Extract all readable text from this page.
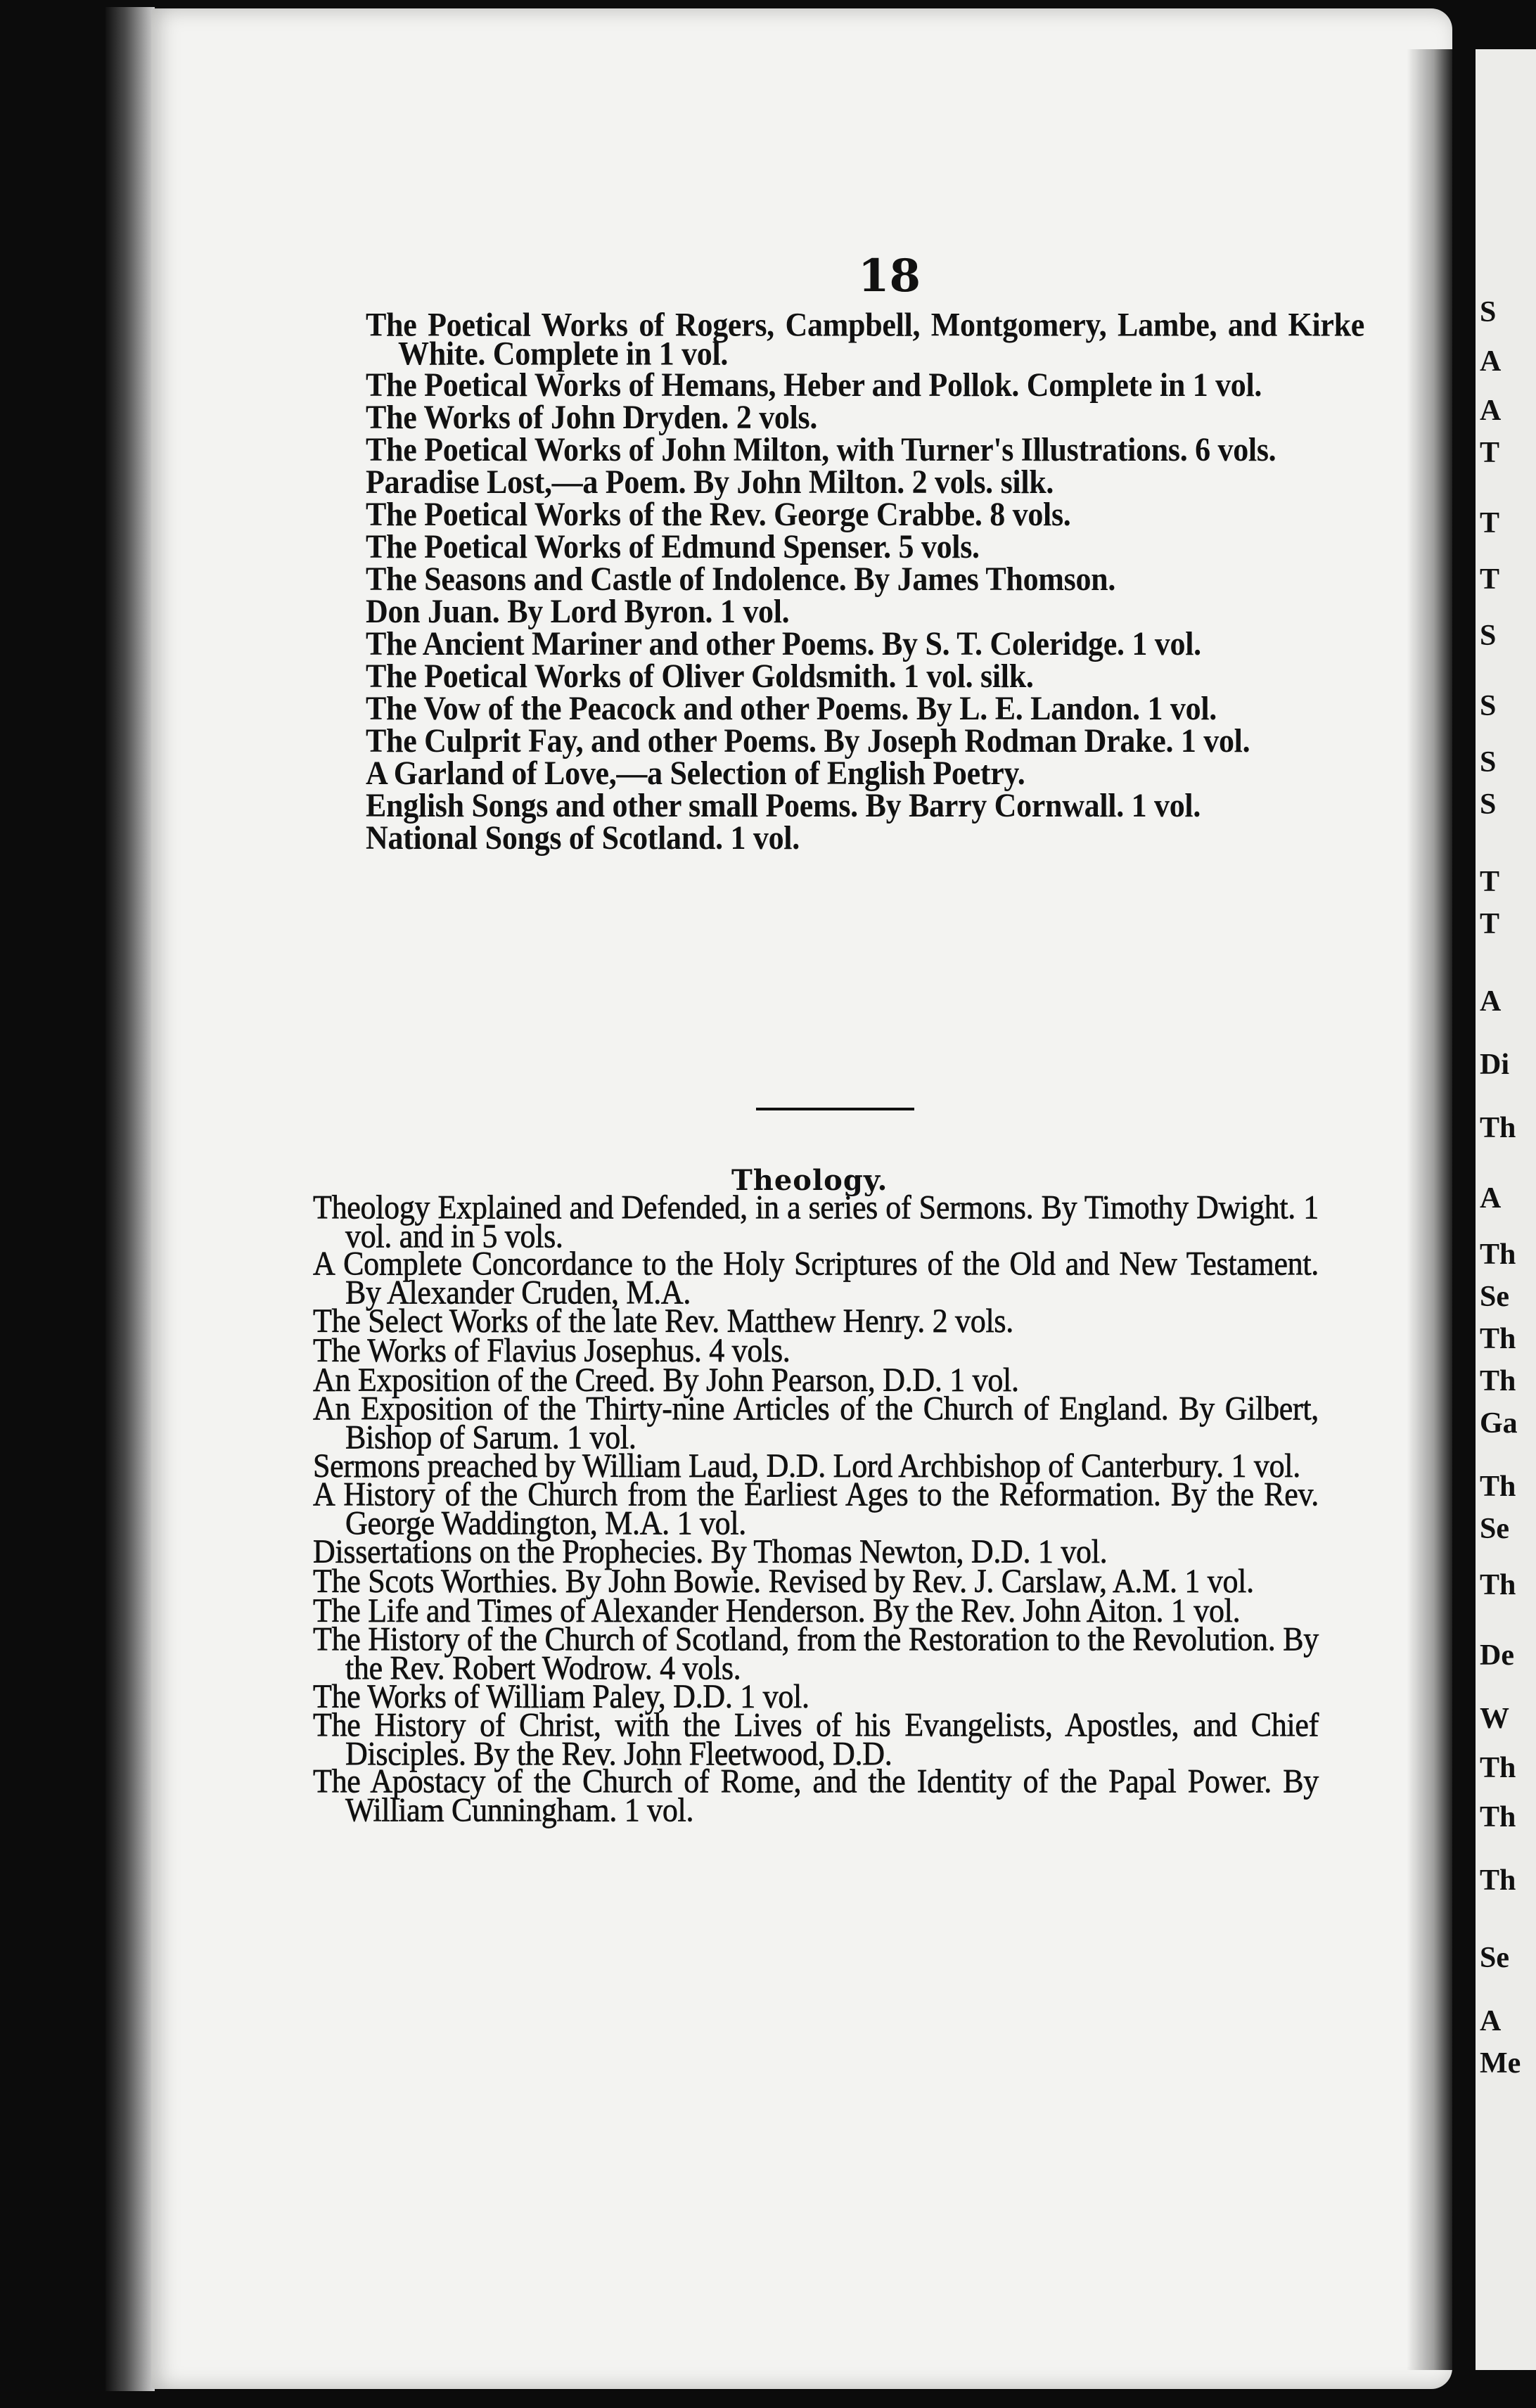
18
The Poetical Works of Rogers, Campbell, Montgomery, Lambe, and Kirke White. Complete in 1 vol.
The Poetical Works of Hemans, Heber and Pollok. Complete in 1 vol.
The Works of John Dryden. 2 vols.
The Poetical Works of John Milton, with Turner's Illustrations. 6 vols.
Paradise Lost,—a Poem. By John Milton. 2 vols. silk.
The Poetical Works of the Rev. George Crabbe. 8 vols.
The Poetical Works of Edmund Spenser. 5 vols.
The Seasons and Castle of Indolence. By James Thomson.
Don Juan. By Lord Byron. 1 vol.
The Ancient Mariner and other Poems. By S. T. Coleridge. 1 vol.
The Poetical Works of Oliver Goldsmith. 1 vol. silk.
The Vow of the Peacock and other Poems. By L. E. Landon. 1 vol.
The Culprit Fay, and other Poems. By Joseph Rodman Drake. 1 vol.
A Garland of Love,—a Selection of English Poetry.
English Songs and other small Poems. By Barry Cornwall. 1 vol.
National Songs of Scotland. 1 vol.
Theology.
Theology Explained and Defended, in a series of Sermons. By Timothy Dwight. 1 vol. and in 5 vols.
A Complete Concordance to the Holy Scriptures of the Old and New Testament. By Alexander Cruden, M.A.
The Select Works of the late Rev. Matthew Henry. 2 vols.
The Works of Flavius Josephus. 4 vols.
An Exposition of the Creed. By John Pearson, D.D. 1 vol.
An Exposition of the Thirty-nine Articles of the Church of England. By Gilbert, Bishop of Sarum. 1 vol.
Sermons preached by William Laud, D.D. Lord Archbishop of Canterbury. 1 vol.
A History of the Church from the Earliest Ages to the Reformation. By the Rev. George Waddington, M.A. 1 vol.
Dissertations on the Prophecies. By Thomas Newton, D.D. 1 vol.
The Scots Worthies. By John Bowie. Revised by Rev. J. Carslaw, A.M. 1 vol.
The Life and Times of Alexander Henderson. By the Rev. John Aiton. 1 vol.
The History of the Church of Scotland, from the Restoration to the Revolution. By the Rev. Robert Wodrow. 4 vols.
The Works of William Paley, D.D. 1 vol.
The History of Christ, with the Lives of his Evangelists, Apostles, and Chief Disciples. By the Rev. John Fleetwood, D.D.
The Apostacy of the Church of Rome, and the Identity of the Papal Power. By William Cunningham. 1 vol.
S
A
A
T
T
T
S
S
S
S
T
T
A
Di
Th
A
Th
Se
Th
Th
Ga
Th
Se
Th
De
W
Th
Th
Th
Se
A
Me
